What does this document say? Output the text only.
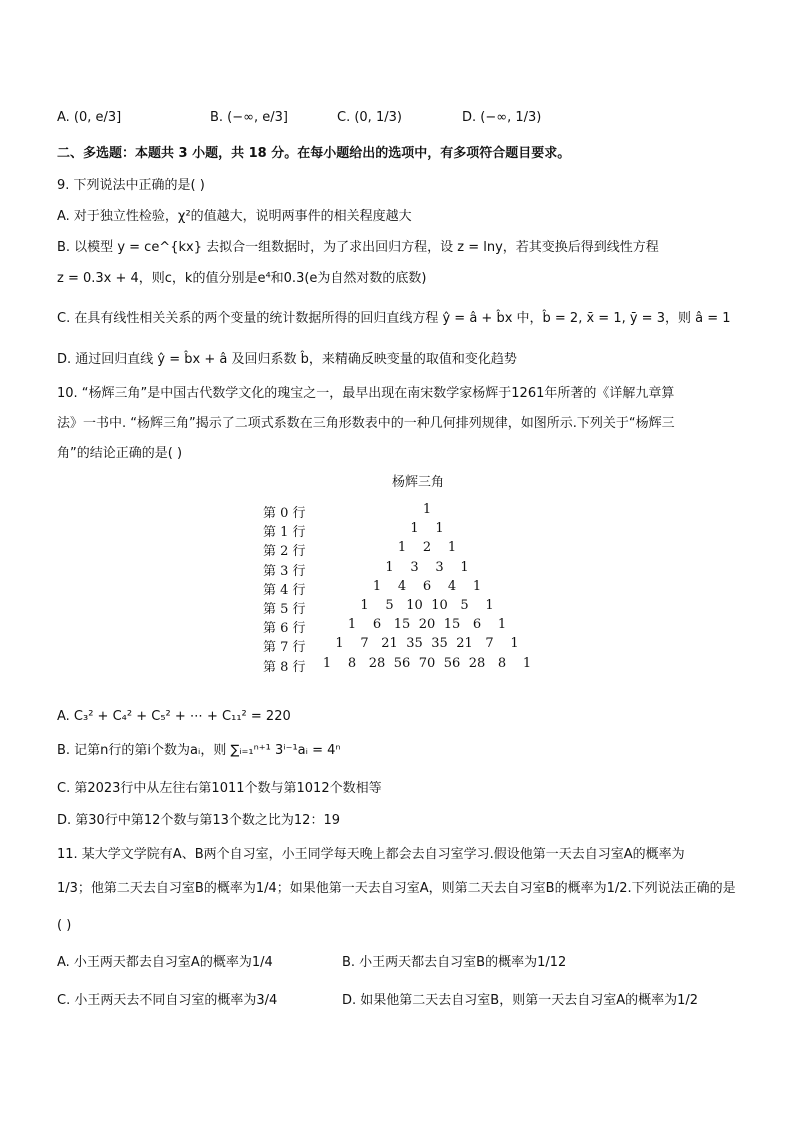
A. (0, e/3]	B. (−∞, e/3]	C. (0, 1/3)	D. (−∞, 1/3)
二、多选题：本题共 3 小题，共 18 分。在每小题给出的选项中，有多项符合题目要求。
9. 下列说法中正确的是( )
A. 对于独立性检验，χ²的值越大，说明两事件的相关程度越大
B. 以模型 y = ce^{kx} 去拟合一组数据时，为了求出回归方程，设 z = lny，若其变换后得到线性方程
z = 0.3x + 4，则c，k的值分别是e⁴和0.3(e为自然对数的底数)
C. 在具有线性相关关系的两个变量的统计数据所得的回归直线方程 ŷ = â + b̂x 中，b̂ = 2, x̄ = 1, ȳ = 3，则 â = 1
D. 通过回归直线 ŷ = b̂x + â 及回归系数 b̂，来精确反映变量的取值和变化趋势
10. “杨辉三角”是中国古代数学文化的瑰宝之一，最早出现在南宋数学家杨辉于1261年所著的《详解九章算
法》一书中. “杨辉三角”揭示了二项式系数在三角形数表中的一种几何排列规律，如图所示.下列关于“杨辉三
角”的结论正确的是( )
杨辉三角
第 0 行	1
第 1 行	1 1
第 2 行	1 2 1
第 3 行	1 3 3 1
第 4 行	1 4 6 4 1
第 5 行	1 5 10 10 5 1
第 6 行	1 6 15 20 15 6 1
第 7 行 1 7 21 35 35 21 7 1
第 8 行 1 8 28 56 70 56 28 8 1
A. C₃² + C₄² + C₅² + ⋯ + C₁₁² = 220
B. 记第n行的第i个数为aᵢ，则 ∑ᵢ₌₁ⁿ⁺¹ 3ⁱ⁻¹aᵢ = 4ⁿ
C. 第2023行中从左往右第1011个数与第1012个数相等
D. 第30行中第12个数与第13个数之比为12：19
11. 某大学文学院有A、B两个自习室，小王同学每天晚上都会去自习室学习.假设他第一天去自习室A的概率为
1/3；他第二天去自习室B的概率为1/4；如果他第一天去自习室A，则第二天去自习室B的概率为1/2.下列说法正确的是
( )
A. 小王两天都去自习室A的概率为1/4	B. 小王两天都去自习室B的概率为1/12
C. 小王两天去不同自习室的概率为3/4	D. 如果他第二天去自习室B，则第一天去自习室A的概率为1/2
